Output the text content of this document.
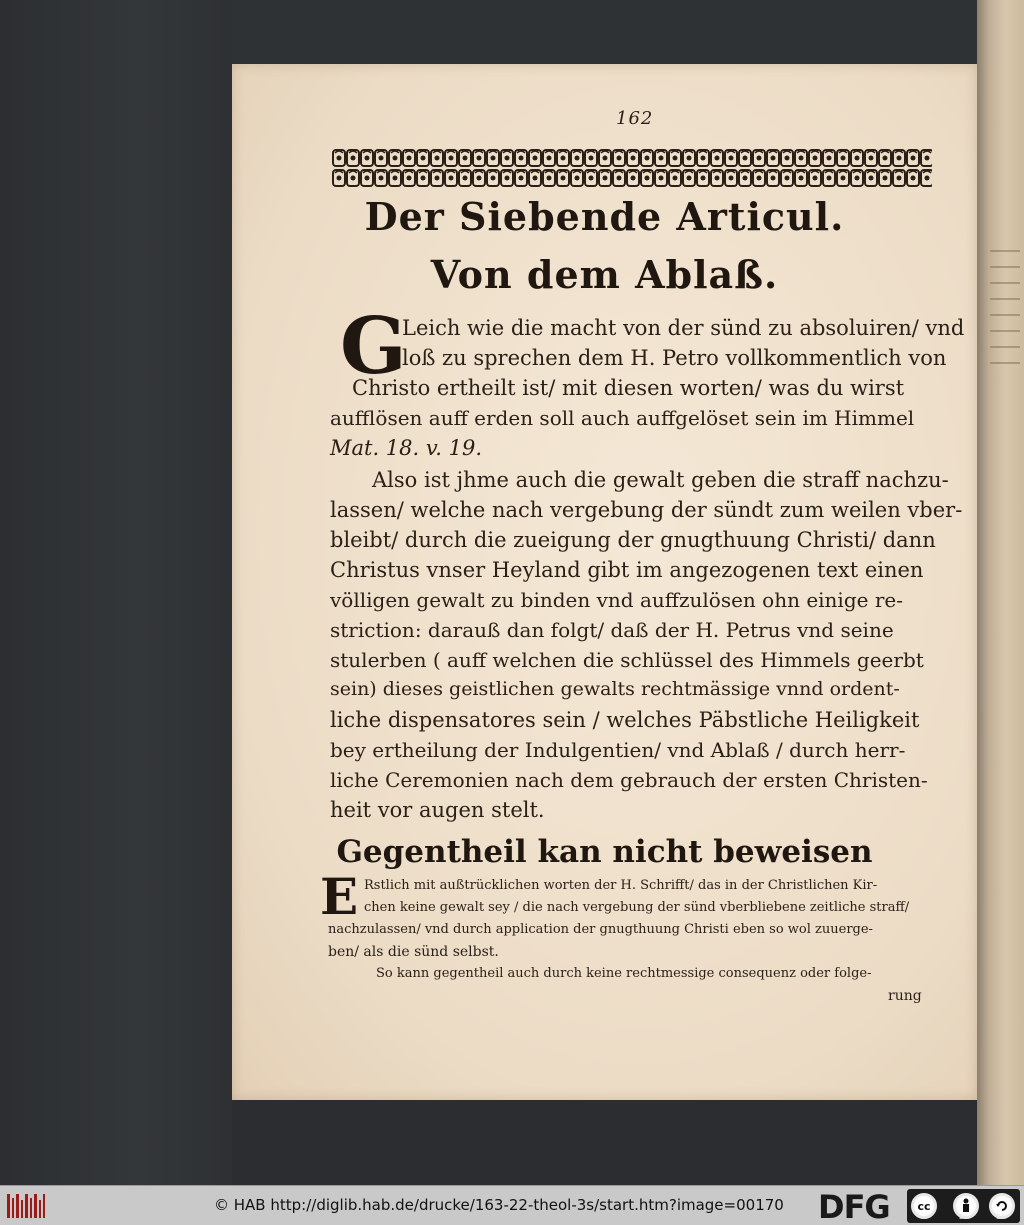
162
Der Siebende Articul.
Von dem Ablaß.
G
Leich wie die macht von der sünd zu absoluiren/ vnd
loß zu sprechen dem H. Petro vollkommentlich von
Christo ertheilt ist/ mit diesen worten/ was du wirst
aufflösen auff erden soll auch auffgelöset sein im Himmel
Mat. 18. v. 19.
Also ist jhme auch die gewalt geben die straff nachzu-
lassen/ welche nach vergebung der sündt zum weilen vber-
bleibt/ durch die zueigung der gnugthuung Christi/ dann
Christus vnser Heyland gibt im angezogenen text einen
völligen gewalt zu binden vnd auffzulösen ohn einige re-
striction: darauß dan folgt/ daß der H. Petrus vnd seine
stulerben ( auff welchen die schlüssel des Himmels geerbt
sein) dieses geistlichen gewalts rechtmässige vnnd ordent-
liche dispensatores sein / welches Päbstliche Heiligkeit
bey ertheilung der Indulgentien/ vnd Ablaß / durch herr-
liche Ceremonien nach dem gebrauch der ersten Christen-
heit vor augen stelt.
Gegentheil kan nicht beweisen
E Rstlich mit außtrücklichen worten der H. Schrifft/ das in der Christlichen Kir-
chen keine gewalt sey / die nach vergebung der sünd vberbliebene zeitliche straff/
nachzulassen/ vnd durch application der gnugthuung Christi eben so wol zuuerge-
ben/ als die sünd selbst.
So kann gegentheil auch durch keine rechtmessige consequenz oder folge-
rung
© HAB http://diglib.hab.de/drucke/163-22-theol-3s/start.htm?image=00170 DFG	cc
BY	SA
